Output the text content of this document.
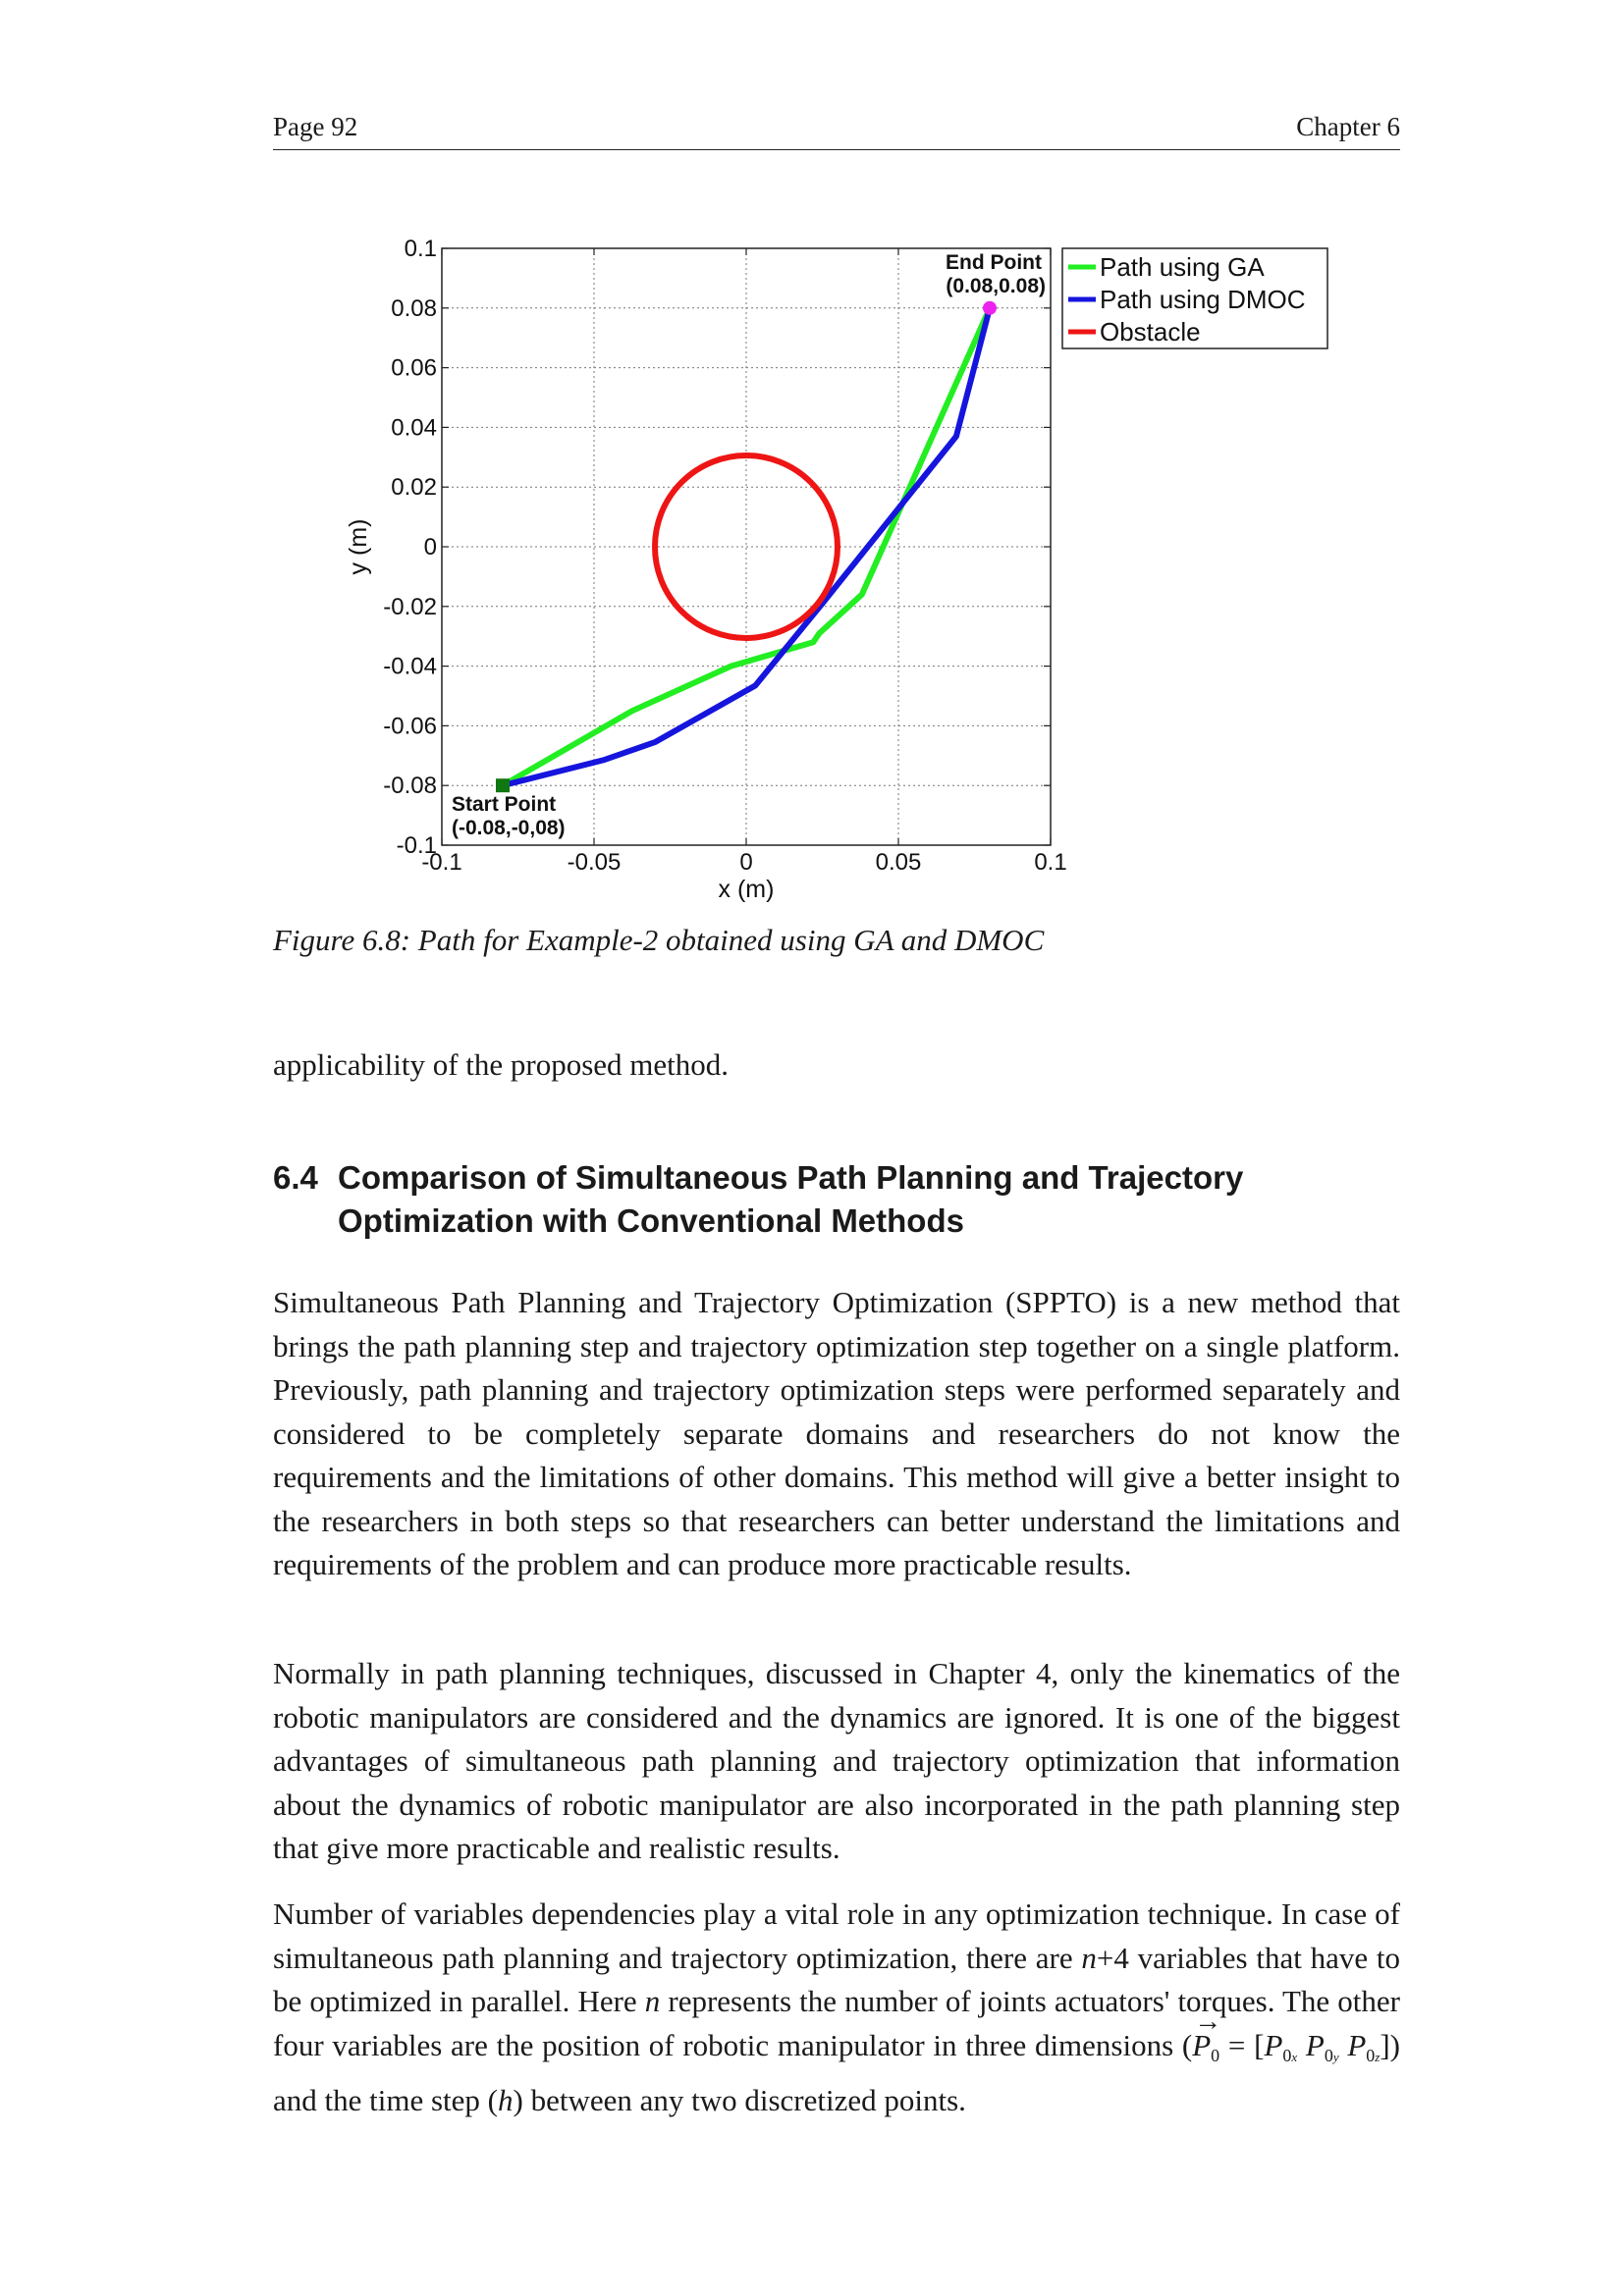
Page 92	Chapter 6
0.1
0.08
0.06
0.04
0.02
0
-0.02
-0.04
-0.06
-0.08
-0.1
-0.1	-0.05	0	0.05	0.1
x (m)
y (m)
Start Point
(-0.08,-0,08)
End Point
(0.08,0.08)
Path using GA
Path using DMOC
Obstacle
Figure 6.8: Path for Example-2 obtained using GA and DMOC

applicability of the proposed method.

6.4 Comparison of Simultaneous Path Planning and Trajectory Optimization with Conventional Methods

Simultaneous Path Planning and Trajectory Optimization (SPPTO) is a new method that brings the path planning step and trajectory optimization step together on a single platform. Previously, path planning and trajectory optimization steps were performed separately and considered to be completely separate domains and researchers do not know the requirements and the limitations of other domains. This method will give a better insight to the researchers in both steps so that researchers can better understand the limitations and requirements of the problem and can produce more practicable results.

Normally in path planning techniques, discussed in Chapter 4, only the kinematics of the robotic manipulators are considered and the dynamics are ignored. It is one of the biggest advantages of simultaneous path planning and trajectory optimization that information about the dynamics of robotic manipulator are also incorporated in the path planning step that give more practicable and realistic results.

Number of variables dependencies play a vital role in any optimization technique. In case of simultaneous path planning and trajectory optimization, there are n+4 variables that have to be optimized in parallel. Here n represents the number of joints actuators' torques. The other four variables are the position of robotic manipulator in three dimensions (→ $P_0 = [P_{0x}$ $P_{0y}$ $P_{0z}$]) and the time step (h) between any two discretized points.
